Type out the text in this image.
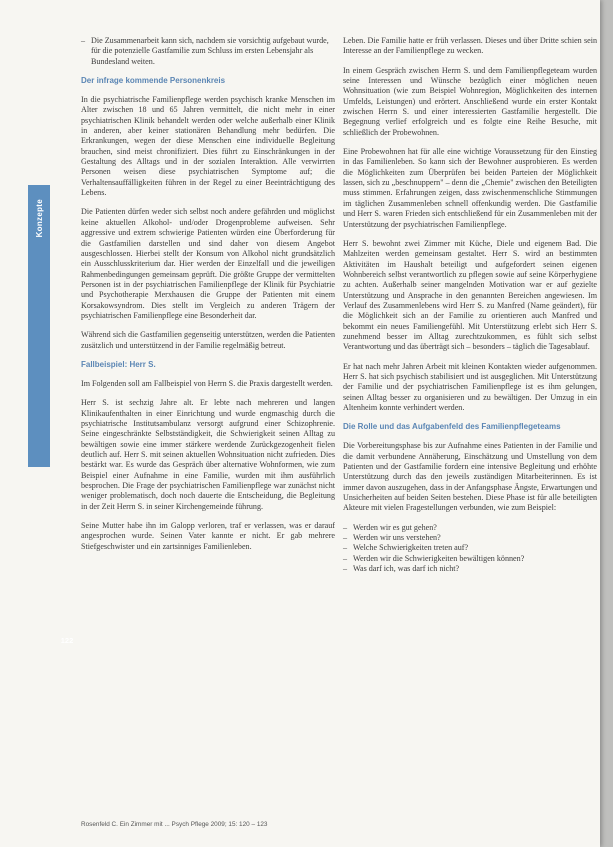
Konzepte
122
– Die Zusammenarbeit kann sich, nachdem sie vorsichtig aufgebaut wurde, für die potenzielle Gastfamilie zum Schluss im ersten Lebensjahr als Bundesland weiten.
Der infrage kommende Personenkreis

In die psychiatrische Familienpflege werden psychisch kranke Menschen im Alter zwischen 18 und 65 Jahren vermittelt, die nicht mehr in einer psychiatrischen Klinik behandelt werden oder welche außerhalb einer Klinik in anderen, aber keiner stationären Behandlung mehr bedürfen. Die Erkrankungen, wegen der diese Menschen eine individuelle Begleitung brauchen, sind meist chronifiziert. Dies führt zu Einschränkungen in der Gestaltung des Alltags und in der sozialen Interaktion. Alle verwirrten Personen weisen diese psychiatrischen Symptome auf; die Verhaltensauffälligkeiten führen in der Regel zu einer Beeinträchtigung des Lebens.

Die Patienten dürfen weder sich selbst noch andere gefährden und möglichst keine aktuellen Alkohol- und/oder Drogenprobleme aufweisen. Sehr aggressive und extrem schwierige Patienten würden eine Überforderung für die Gastfamilien darstellen und sind daher von diesem Angebot ausgeschlossen. Hierbei stellt der Konsum von Alkohol nicht grundsätzlich ein Ausschlusskriterium dar. Hier werden der Einzelfall und die jeweiligen Rahmenbedingungen gemeinsam geprüft. Die größte Gruppe der vermittelten Personen ist in der psychiatrischen Familienpflege der Klinik für Psychiatrie und Psychotherapie Merxhausen die Gruppe der Patienten mit einem Korsakowsyndrom. Dies stellt im Vergleich zu anderen Trägern der psychiatrischen Familienpflege eine Besonderheit dar.

Während sich die Gastfamilien gegenseitig unterstützen, werden die Patienten zusätzlich und unterstützend in der Familie regelmäßig betreut.

Fallbeispiel: Herr S.

Im Folgenden soll am Fallbeispiel von Herrn S. die Praxis dargestellt werden.

Herr S. ist sechzig Jahre alt. Er lebte nach mehreren und langen Klinikaufenthalten in einer Einrichtung und wurde engmaschig durch die psychiatrische Institutsambulanz versorgt aufgrund einer Schizophrenie. Seine eingeschränkte Selbstständigkeit, die Schwierigkeit seinen Alltag zu bewältigen sowie eine immer stärkere werdende Zurückgezogenheit fielen deutlich auf. Herr S. mit seinen aktuellen Wohnsituation nicht zufrieden. Dies bestärkt war. Es wurde das Gespräch über alternative Wohnformen, wie zum Beispiel einer Aufnahme in eine Familie, wurden mit ihm ausführlich besprochen. Die Frage der psychiatrischen Familienpflege war zunächst nicht weniger problematisch, doch noch dauerte die Entscheidung, die Begleitung in der Zeit Herrn S. in seiner Kirchengemeinde führung.

Seine Mutter habe ihn im Galopp verloren, traf er verlassen, was er darauf angesprochen wurde. Seinen Vater kannte er nicht. Er gab mehrere Stiefgeschwister und ein zartsinniges Familienleben.

Leben. Die Familie hatte er früh verlassen. Dieses und über Dritte schien sein Interesse an der Familienpflege zu wecken.

In einem Gespräch zwischen Herrn S. und dem Familienpflegeteam wurden seine Interessen und Wünsche bezüglich einer möglichen neuen Wohnsituation (wie zum Beispiel Wohnregion, Möglichkeiten des internen Umfelds, Leistungen) und erörtert. Anschließend wurde ein erster Kontakt zwischen Herrn S. und einer interessierten Gastfamilie hergestellt. Die Begegnung verlief erfolgreich und es folgte eine Reihe Besuche, mit schließlich der Probewohnen.

Eine Probewohnen hat für alle eine wichtige Voraussetzung für den Einstieg in das Familienleben. So kann sich der Bewohner ausprobieren. Es werden die Möglichkeiten zum Überprüfen bei beiden Parteien der Möglichkeit lassen, sich zu „beschnuppern" – denn die „Chemie" zwischen den Beteiligten muss stimmen. Erfahrungen zeigen, dass zwischenmenschliche Stimmungen im täglichen Zusammenleben schnell offenkundig werden. Die Gastfamilie und Herr S. waren Frieden sich entschließend für ein Zusammenleben mit der Unterstützung der psychiatrischen Familienpflege.

Herr S. bewohnt zwei Zimmer mit Küche, Diele und eigenem Bad. Die Mahlzeiten werden gemeinsam gestaltet. Herr S. wird an bestimmten Aktivitäten im Haushalt beteiligt und aufgefordert seinen eigenen Wohnbereich selbst verantwortlich zu pflegen sowie auf seine Körperhygiene zu achten. Außerhalb seiner mangelnden Motivation war er auf gezielte Unterstützung und Ansprache in den genannten Bereichen angewiesen. Im Verlauf des Zusammenlebens wird Herr S. zu Manfred (Name geändert), für die Möglichkeit sich an der Familie zu orientieren auch Manfred und bekommt ein neues Familiengefühl. Mit Unterstützung erlebt sich Herr S. zunehmend besser im Alltag zurechtzukommen, es fühlt sich selbst Verantwortung und das überträgt sich – besonders – täglich die Tagesablauf.

Er hat nach mehr Jahren Arbeit mit kleinen Kontakten wieder aufgenommen. Herr S. hat sich psychisch stabilisiert und ist ausgeglichen. Mit Unterstützung der Familie und der psychiatrischen Familienpflege ist es ihm gelungen, seinen Alltag besser zu organisieren und zu bewältigen. Der Umzug in ein Altenheim konnte verhindert werden.

Die Rolle und das Aufgabenfeld des Familienpflegeteams

Die Vorbereitungsphase bis zur Aufnahme eines Patienten in der Familie und die damit verbundene Annäherung, Einschätzung und Umstellung von dem Patienten und der Gastfamilie fordern eine intensive Begleitung und erhöhte Unterstützung durch das den jeweils zuständigen Mitarbeiterinnen. Es ist immer davon auszugehen, dass in der Anfangsphase Ängste, Erwartungen und Unsicherheiten auf beiden Seiten bestehen. Diese Phase ist für alle beteiligten Akteure mit vielen Fragestellungen verbunden, wie zum Beispiel:

– Werden wir es gut gehen?
– Werden wir uns verstehen?
– Welche Schwierigkeiten treten auf?
– Werden wir die Schwierigkeiten bewältigen können?
– Was darf ich, was darf ich nicht?
Rosenfeld C. Ein Zimmer mit ... Psych Pflege 2009; 15: 120 – 123
